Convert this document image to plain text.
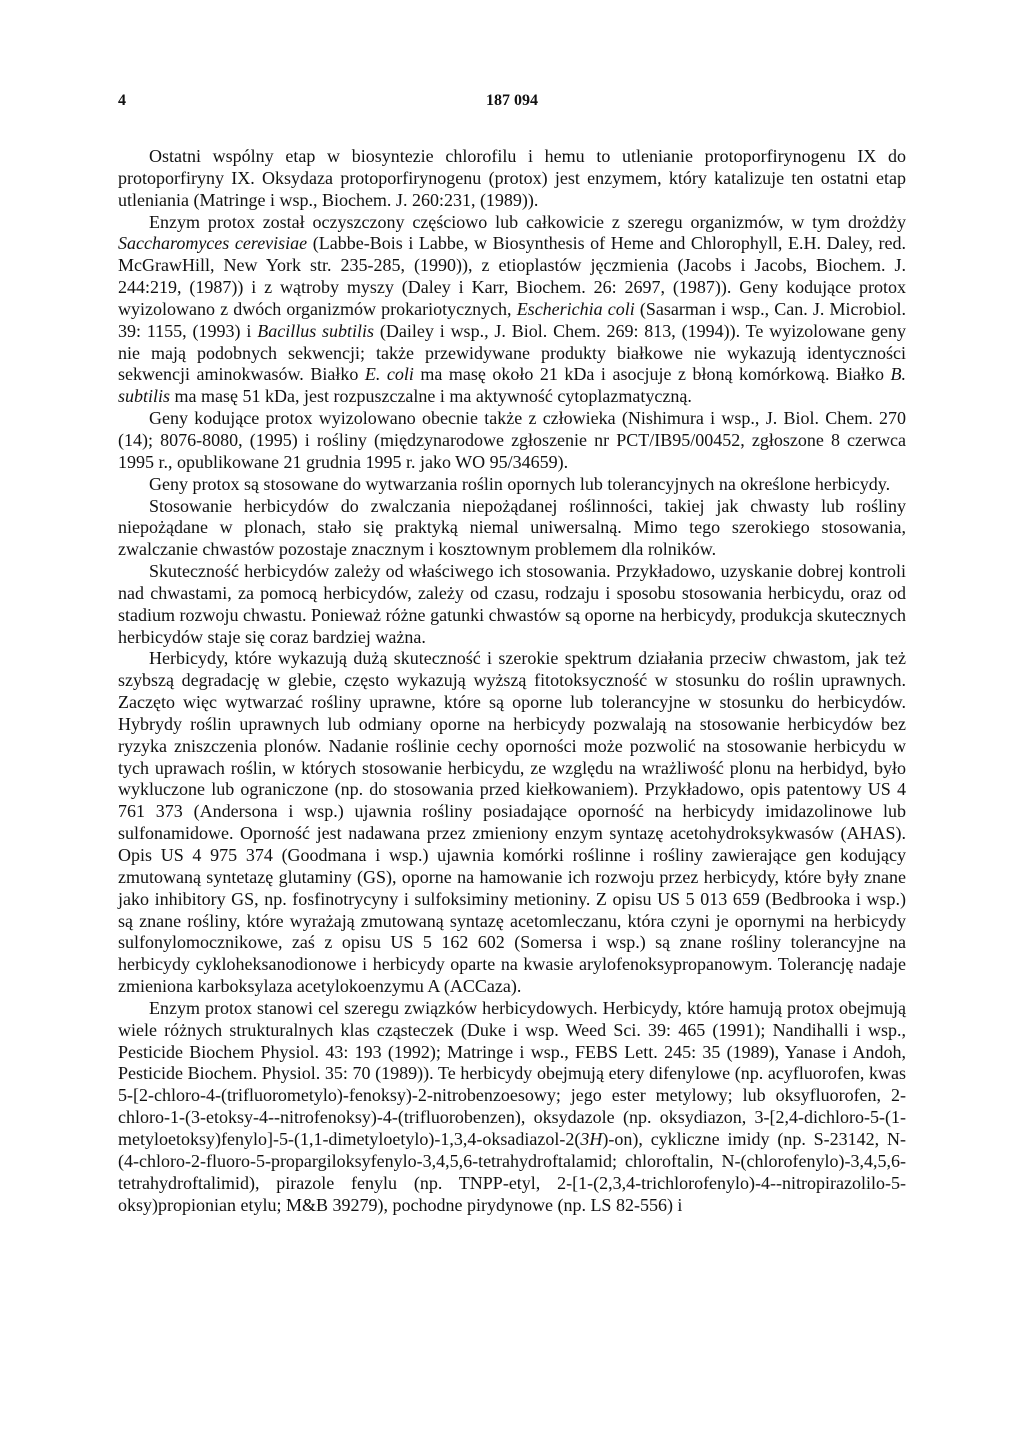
4	187 094

Ostatni wspólny etap w biosyntezie chlorofilu i hemu to utlenianie protoporfirynogenu IX do protoporfiryny IX. Oksydaza protoporfirynogenu (protox) jest enzymem, który katalizuje ten ostatni etap utleniania (Matringe i wsp., Biochem. J. 260:231, (1989)).

Enzym protox został oczyszczony częściowo lub całkowicie z szeregu organizmów, w tym drożdży Saccharomyces cerevisiae (Labbe-Bois i Labbe, w Biosynthesis of Heme and Chlorophyll, E.H. Daley, red. McGrawHill, New York str. 235-285, (1990)), z etioplastów jęczmienia (Jacobs i Jacobs, Biochem. J. 244:219, (1987)) i z wątroby myszy (Daley i Karr, Biochem. 26: 2697, (1987)). Geny kodujące protox wyizolowano z dwóch organizmów prokariotycznych, Escherichia coli (Sasarman i wsp., Can. J. Microbiol. 39: 1155, (1993) i Bacillus subtilis (Dailey i wsp., J. Biol. Chem. 269: 813, (1994)). Te wyizolowane geny nie mają podobnych sekwencji; także przewidywane produkty białkowe nie wykazują identyczności sekwencji aminokwasów. Białko E. coli ma masę około 21 kDa i asocjuje z błoną komórkową. Białko B. subtilis ma masę 51 kDa, jest rozpuszczalne i ma aktywność cytoplazmatyczną.

Geny kodujące protox wyizolowano obecnie także z człowieka (Nishimura i wsp., J. Biol. Chem. 270 (14); 8076-8080, (1995) i rośliny (międzynarodowe zgłoszenie nr PCT/IB95/00452, zgłoszone 8 czerwca 1995 r., opublikowane 21 grudnia 1995 r. jako WO 95/34659).

Geny protox są stosowane do wytwarzania roślin opornych lub tolerancyjnych na określone herbicydy.

Stosowanie herbicydów do zwalczania niepożądanej roślinności, takiej jak chwasty lub rośliny niepożądane w plonach, stało się praktyką niemal uniwersalną. Mimo tego szerokiego stosowania, zwalczanie chwastów pozostaje znacznym i kosztownym problemem dla rolników.

Skuteczność herbicydów zależy od właściwego ich stosowania. Przykładowo, uzyskanie dobrej kontroli nad chwastami, za pomocą herbicydów, zależy od czasu, rodzaju i sposobu stosowania herbicydu, oraz od stadium rozwoju chwastu. Ponieważ różne gatunki chwastów są oporne na herbicydy, produkcja skutecznych herbicydów staje się coraz bardziej ważna.

Herbicydy, które wykazują dużą skuteczność i szerokie spektrum działania przeciw chwastom, jak też szybszą degradację w glebie, często wykazują wyższą fitotoksyczność w stosunku do roślin uprawnych. Zaczęto więc wytwarzać rośliny uprawne, które są oporne lub tolerancyjne w stosunku do herbicydów. Hybrydy roślin uprawnych lub odmiany oporne na herbicydy pozwalają na stosowanie herbicydów bez ryzyka zniszczenia plonów. Nadanie roślinie cechy oporności może pozwolić na stosowanie herbicydu w tych uprawach roślin, w których stosowanie herbicydu, ze względu na wrażliwość plonu na herbidyd, było wykluczone lub ograniczone (np. do stosowania przed kiełkowaniem). Przykładowo, opis patentowy US 4 761 373 (Andersona i wsp.) ujawnia rośliny posiadające oporność na herbicydy imidazolinowe lub sulfonamidowe. Oporność jest nadawana przez zmieniony enzym syntazę acetohydroksykwasów (AHAS). Opis US 4 975 374 (Goodmana i wsp.) ujawnia komórki roślinne i rośliny zawierające gen kodujący zmutowaną syntetazę glutaminy (GS), oporne na hamowanie ich rozwoju przez herbicydy, które były znane jako inhibitory GS, np. fosfinotrycyny i sulfoksiminy metioniny. Z opisu US 5 013 659 (Bedbrooka i wsp.) są znane rośliny, które wyrażają zmutowaną syntazę acetomleczanu, która czyni je opornymi na herbicydy sulfonylomocznikowe, zaś z opisu US 5 162 602 (Somersa i wsp.) są znane rośliny tolerancyjne na herbicydy cykloheksanodionowe i herbicydy oparte na kwasie arylofenoksypropanowym. Tolerancję nadaje zmieniona karboksylaza acetylokoenzymu A (ACCaza).

Enzym protox stanowi cel szeregu związków herbicydowych. Herbicydy, które hamują protox obejmują wiele różnych strukturalnych klas cząsteczek (Duke i wsp. Weed Sci. 39: 465 (1991); Nandihalli i wsp., Pesticide Biochem Physiol. 43: 193 (1992); Matringe i wsp., FEBS Lett. 245: 35 (1989), Yanase i Andoh, Pesticide Biochem. Physiol. 35: 70 (1989)). Te herbicydy obejmują etery difenylowe (np. acyfluorofen, kwas 5-[2-chloro-4-(trifluorometylo)-fenoksy)-2-nitrobenzoesowy; jego ester metylowy; lub oksyfluorofen, 2-chloro-1-(3-etoksy-4--nitrofenoksy)-4-(trifluorobenzen), oksydazole (np. oksydiazon, 3-[2,4-dichloro-5-(1-metyloetoksy)fenylo]-5-(1,1-dimetyloetylo)-1,3,4-oksadiazol-2(3H)-on), cykliczne imidy (np. S-23142, N-(4-chloro-2-fluoro-5-propargiloksyfenylo-3,4,5,6-tetrahydroftalamid; chloroftalin, N-(chlorofenylo)-3,4,5,6-tetrahydroftalimid), pirazole fenylu (np. TNPP-etyl, 2-[1-(2,3,4-trichlorofenylo)-4--nitropirazolilo-5-oksy)propionian etylu; M&B 39279), pochodne pirydynowe (np. LS 82-556) i
